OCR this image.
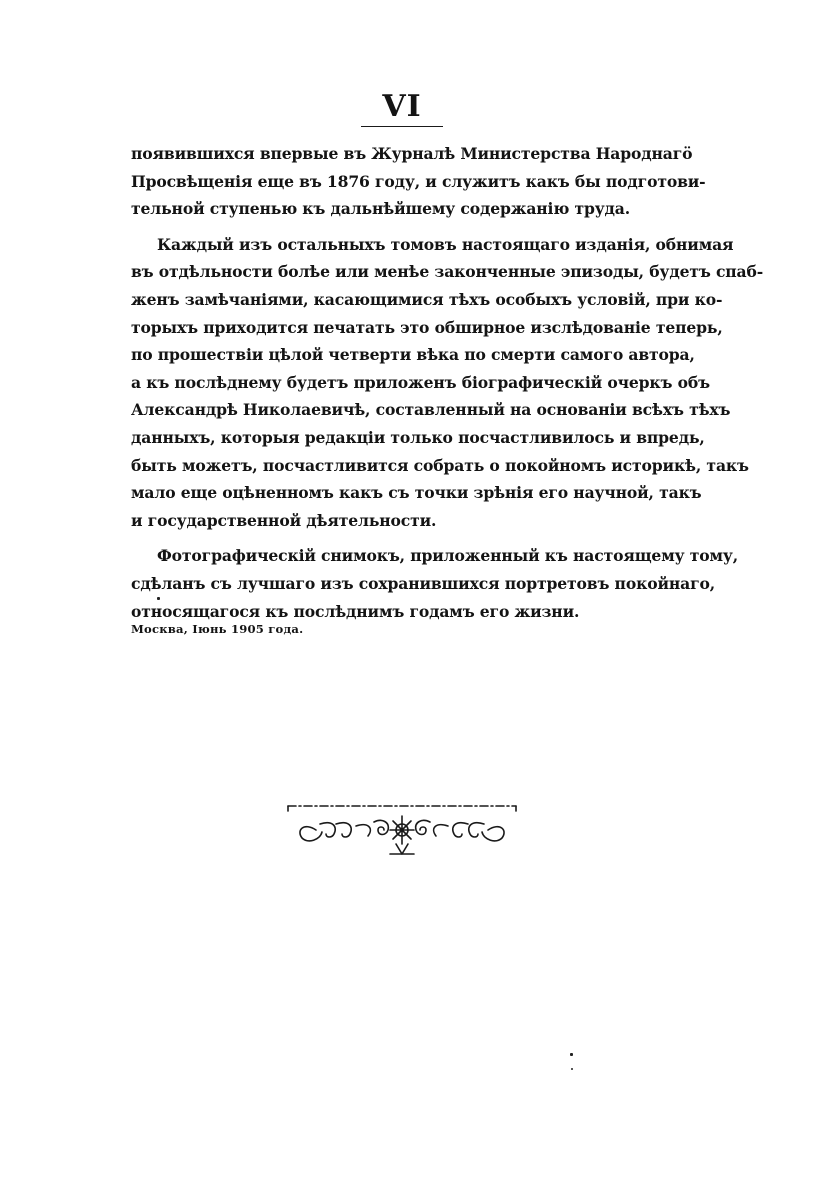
VI
появившихся впервые въ Журналѣ Министерства Народнагö
Просвѣщенія еще въ 1876 году, и служитъ какъ бы подготови-
тельной ступенью къ дальнѣйшему содержанію труда.
Каждый изъ остальныхъ томовъ настоящаго изданія, обнимая
въ отдѣльности болѣе или менѣе законченные эпизоды, будетъ спаб-
женъ замѣчаніями, касающимися тѣхъ особыхъ условій, при ко-
торыхъ приходится печатать это обширное изслѣдованіе теперь,
по прошествіи цѣлой четверти вѣка по смерти самого автора,
а къ послѣднему будетъ приложенъ біографическій очеркъ объ
Александрѣ Николаевичѣ, составленный на основаніи всѣхъ тѣхъ
данныхъ, которыя редакціи только посчастливилось и впредь,
быть можетъ, посчастливится собрать о покойномъ историкѣ, такъ
мало еще оцѣненномъ какъ съ точки зрѣнія его научной, такъ
и государственной дѣятельности.
Фотографическій снимокъ, приложенный къ настоящему тому,
сдѣланъ съ лучшаго изъ сохранившихся портретовъ покойнаго,
относящагося къ послѣднимъ годамъ его жизни.
Москва, Іюнь 1905 года.
